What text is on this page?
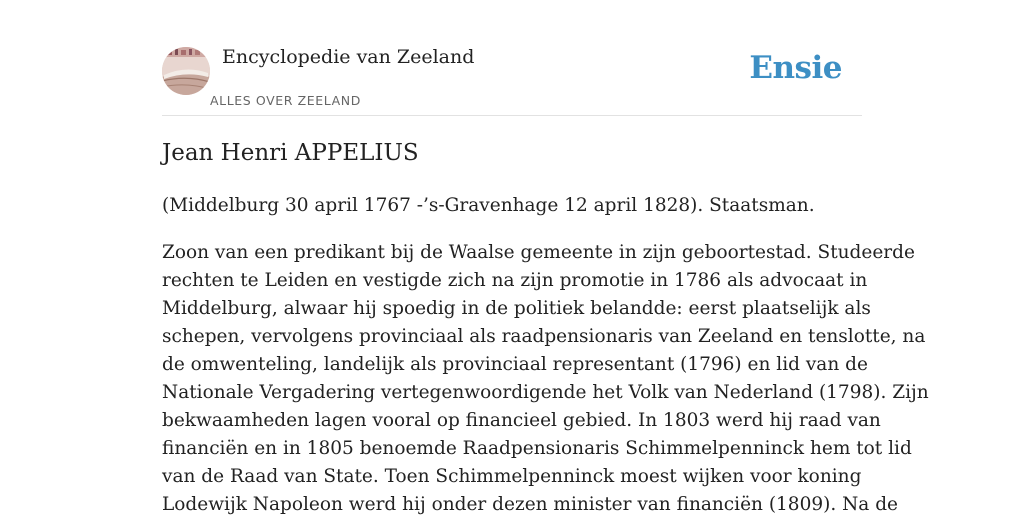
Encyclopedie van Zeeland
ALLES OVER ZEELAND
Ensie
Jean Henri APPELIUS

(Middelburg 30 april 1767 -’s-Gravenhage 12 april 1828). Staatsman.

Zoon van een predikant bij de Waalse gemeente in zijn geboortestad. Studeerde
rechten te Leiden en vestigde zich na zijn promotie in 1786 als advocaat in
Middelburg, alwaar hij spoedig in de politiek belandde: eerst plaatselijk als
schepen, vervolgens provinciaal als raadpensionaris van Zeeland en tenslotte, na
de omwenteling, landelijk als provinciaal representant (1796) en lid van de
Nationale Vergadering vertegenwoordigende het Volk van Nederland (1798). Zijn
bekwaamheden lagen vooral op financieel gebied. In 1803 werd hij raad van
financiën en in 1805 benoemde Raadpensionaris Schimmelpenninck hem tot lid
van de Raad van State. Toen Schimmelpenninck moest wijken voor koning
Lodewijk Napoleon werd hij onder dezen minister van financiën (1809). Na de
